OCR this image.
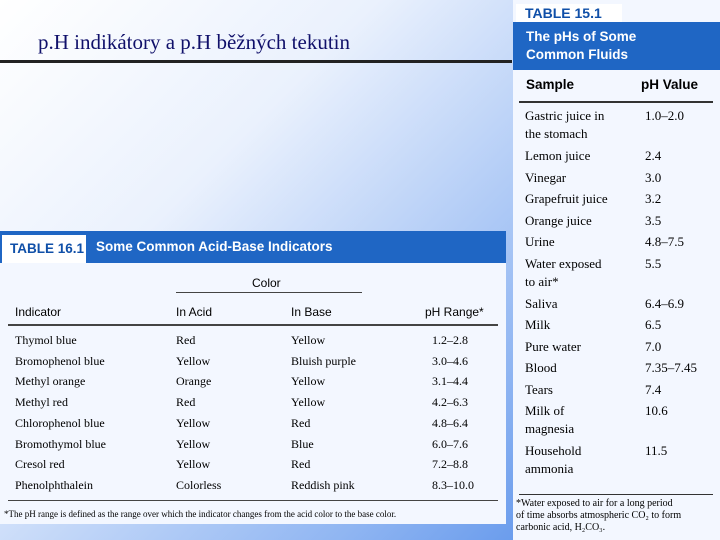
p.H indikátory a p.H běžných tekutin
TABLE 16.1 Some Common Acid-Base Indicators
Color
Indicator	In Acid	In Base	pH Range*
Thymol blue	Red	Yellow	1.2–2.8
Bromophenol blue	Yellow	Bluish purple	3.0–4.6
Methyl orange	Orange	Yellow	3.1–4.4
Methyl red	Red	Yellow	4.2–6.3
Chlorophenol blue	Yellow	Red	4.8–6.4
Bromothymol blue	Yellow	Blue	6.0–7.6
Cresol red	Yellow	Red	7.2–8.8
Phenolphthalein	Colorless	Reddish pink	8.3–10.0
*The pH range is defined as the range over which the indicator changes from the acid color to the base color.
TABLE 15.1
The pHs of Some
Common Fluids
Sample	pH Value
Gastric juice in	1.0–2.0
the stomach
Lemon juice	2.4
Vinegar	3.0
Grapefruit juice	3.2
Orange juice	3.5
Urine	4.8–7.5
Water exposed	5.5
to air*
Saliva	6.4–6.9
Milk	6.5
Pure water	7.0
Blood	7.35–7.45
Tears	7.4
Milk of	10.6
magnesia
Household	11.5
ammonia
*Water exposed to air for a long period
of time absorbs atmospheric CO₂ to form
carbonic acid, H₂CO₃.
